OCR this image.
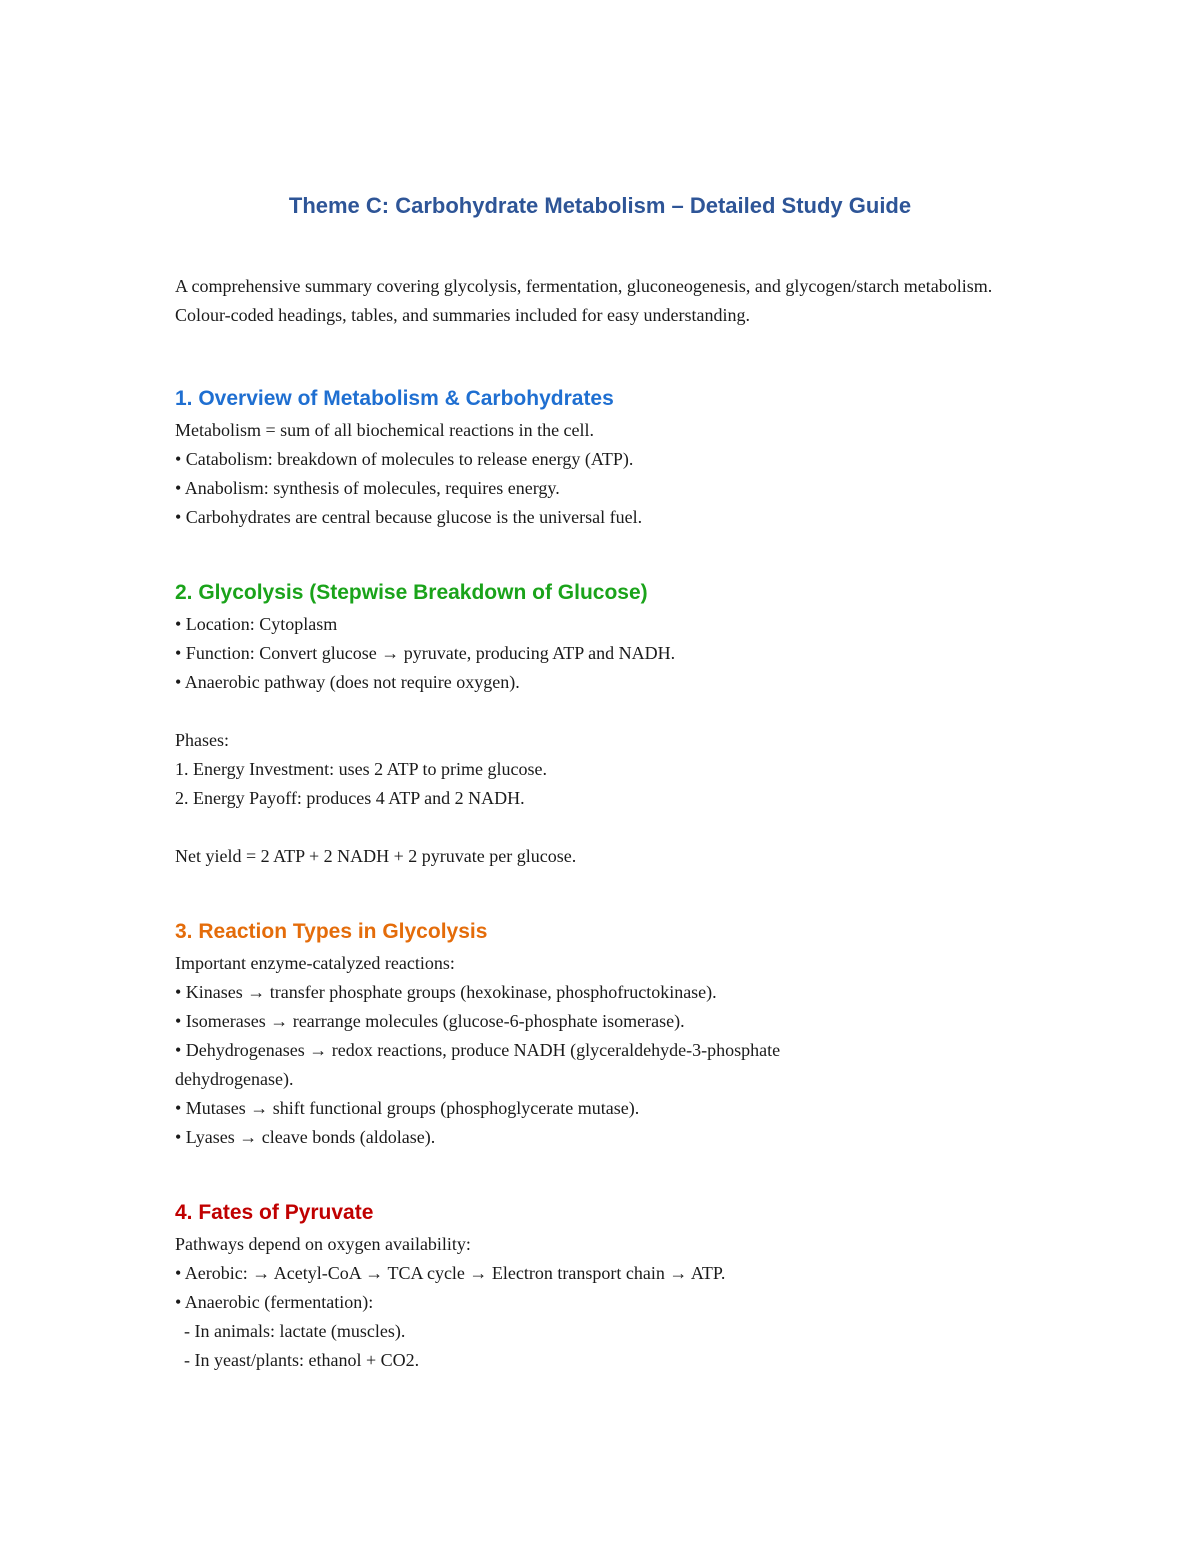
Theme C: Carbohydrate Metabolism – Detailed Study Guide

A comprehensive summary covering glycolysis, fermentation, gluconeogenesis, and glycogen/starch metabolism. Colour-coded headings, tables, and summaries included for easy understanding.

1. Overview of Metabolism & Carbohydrates

Metabolism = sum of all biochemical reactions in the cell.

• Catabolism: breakdown of molecules to release energy (ATP).

• Anabolism: synthesis of molecules, requires energy.

• Carbohydrates are central because glucose is the universal fuel.

2. Glycolysis (Stepwise Breakdown of Glucose)

• Location: Cytoplasm

• Function: Convert glucose → pyruvate, producing ATP and NADH.

• Anaerobic pathway (does not require oxygen).

Phases:

1. Energy Investment: uses 2 ATP to prime glucose.

2. Energy Payoff: produces 4 ATP and 2 NADH.

Net yield = 2 ATP + 2 NADH + 2 pyruvate per glucose.

3. Reaction Types in Glycolysis

Important enzyme-catalyzed reactions:

• Kinases → transfer phosphate groups (hexokinase, phosphofructokinase).

• Isomerases → rearrange molecules (glucose-6-phosphate isomerase).

• Dehydrogenases → redox reactions, produce NADH (glyceraldehyde-3-phosphate

dehydrogenase).

• Mutases → shift functional groups (phosphoglycerate mutase).

• Lyases → cleave bonds (aldolase).

4. Fates of Pyruvate

Pathways depend on oxygen availability:

• Aerobic: → Acetyl-CoA → TCA cycle → Electron transport chain → ATP.

• Anaerobic (fermentation):

- In animals: lactate (muscles).

- In yeast/plants: ethanol + CO2.
